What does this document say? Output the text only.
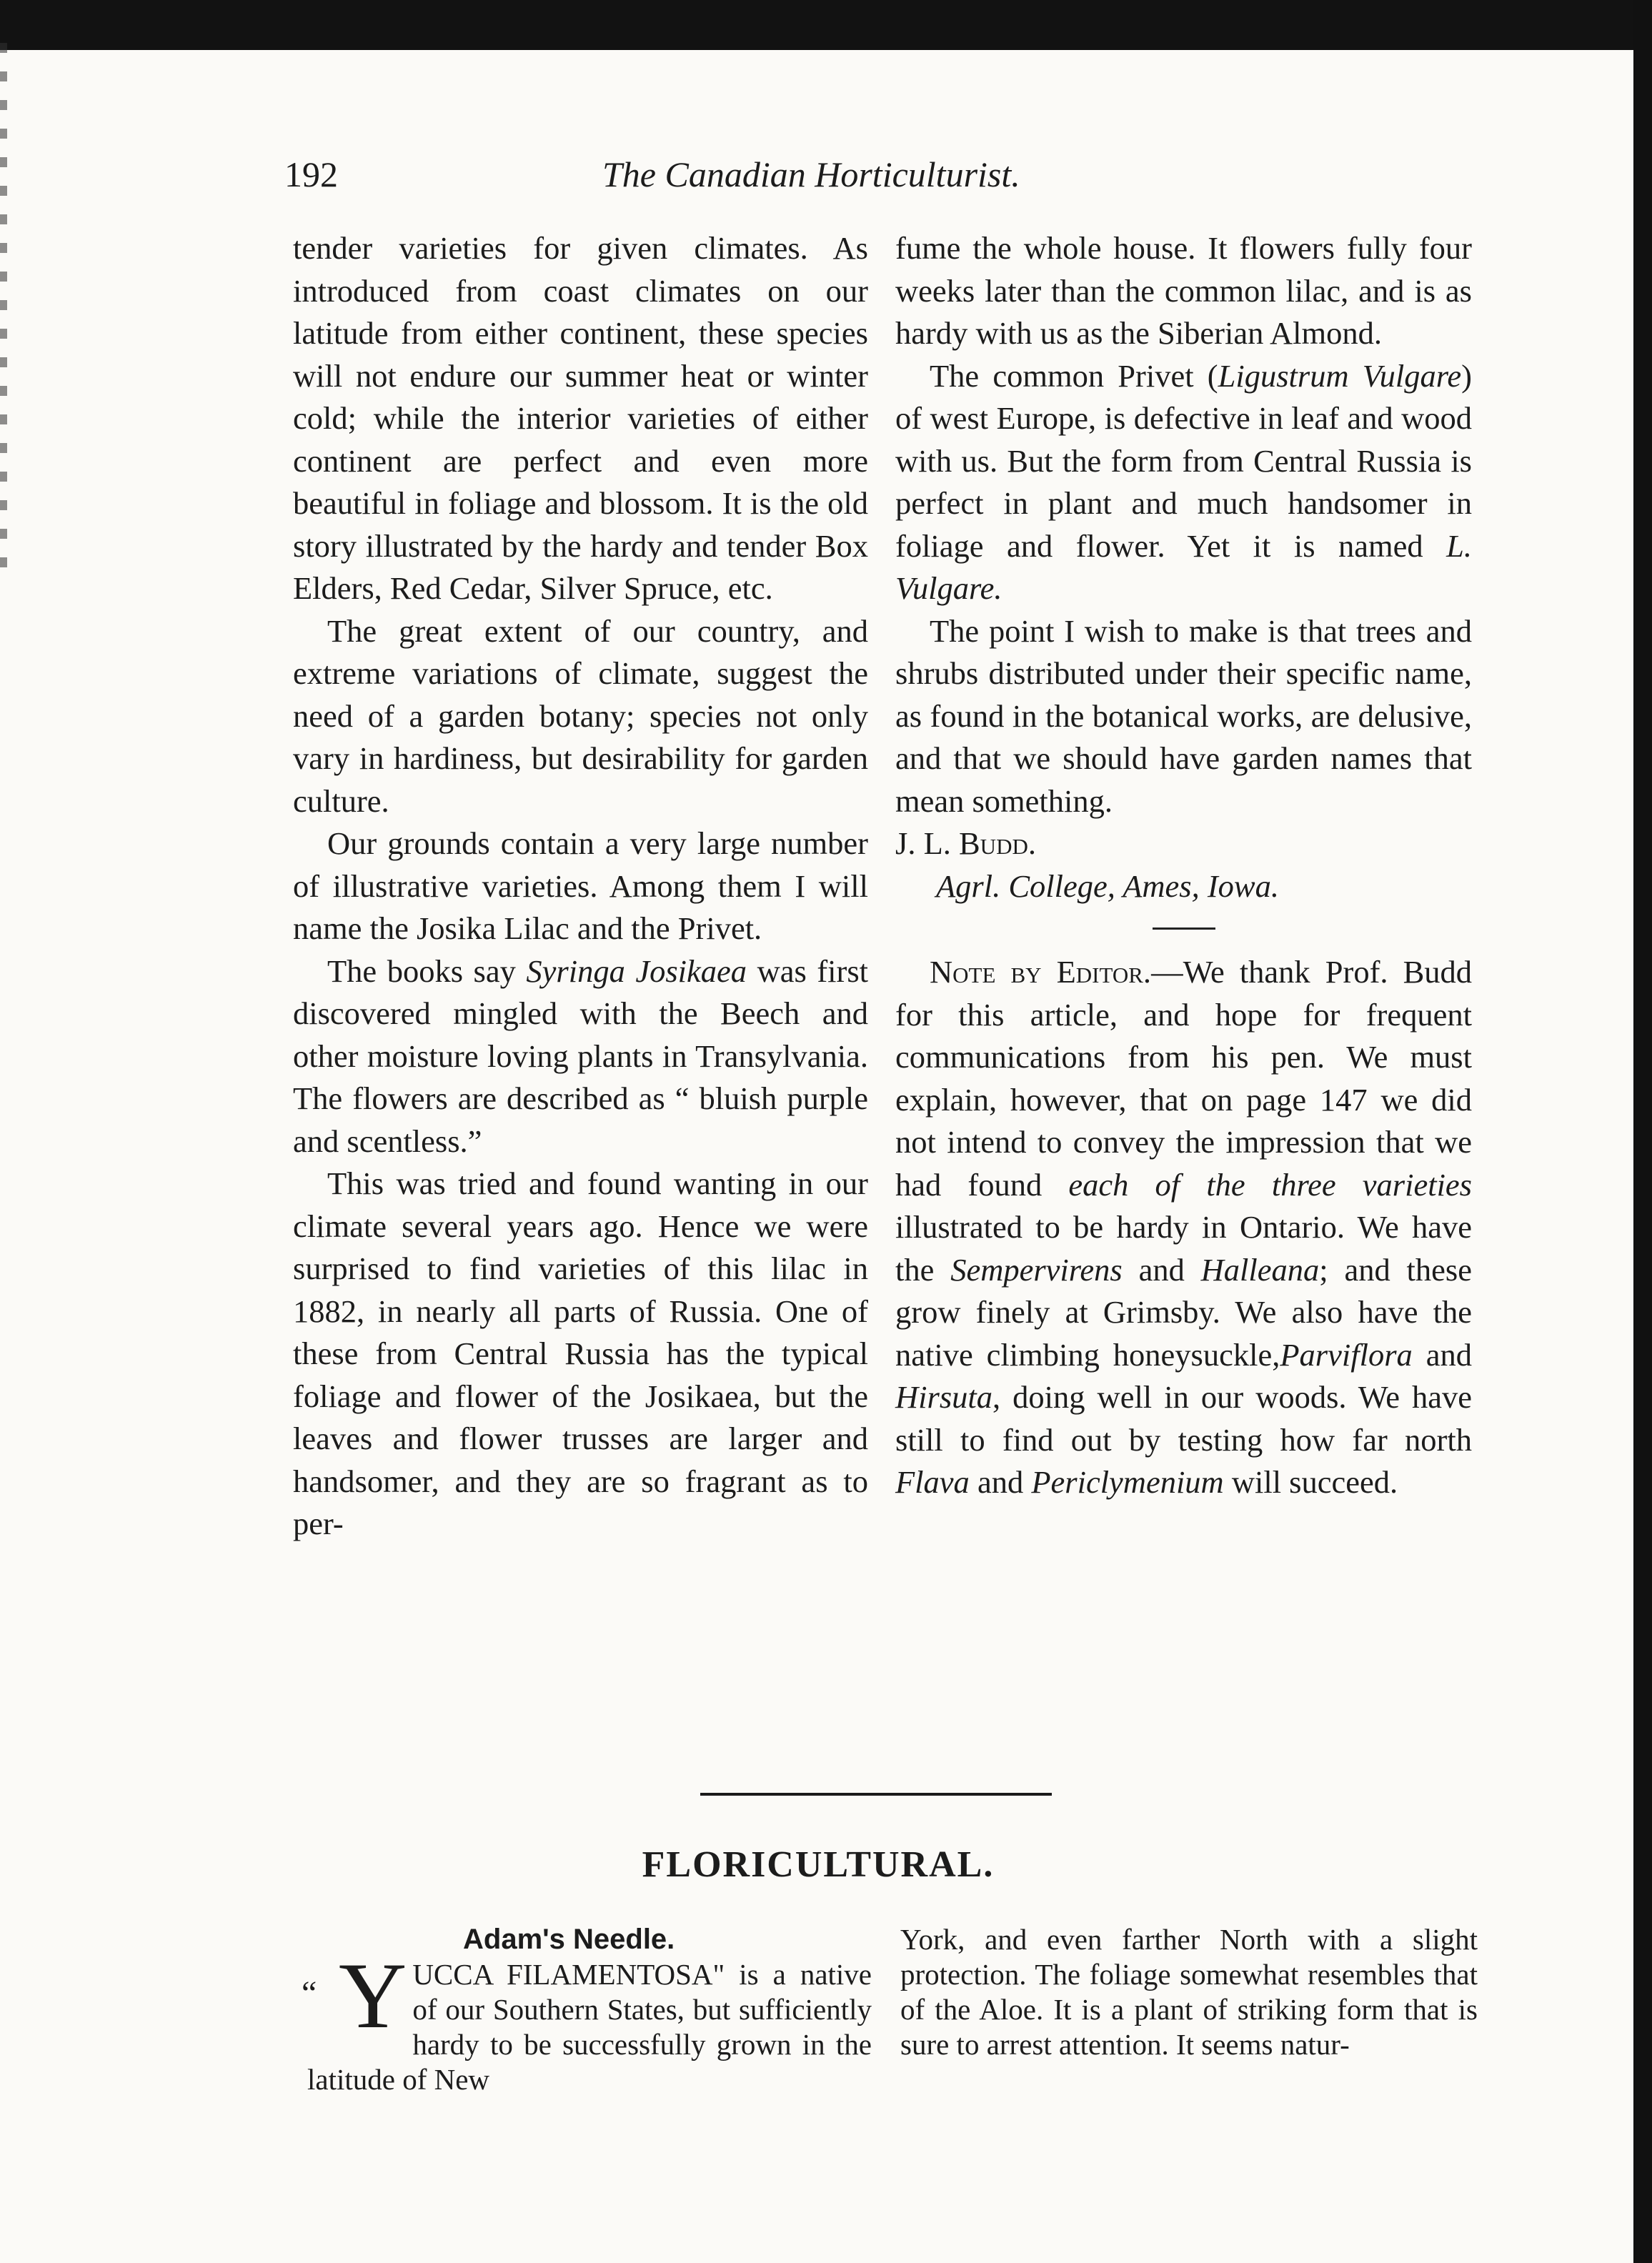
192	The Canadian Horticulturist.

tender varieties for given climates. As introduced from coast climates on our latitude from either continent, these species will not endure our summer heat or winter cold; while the interior varieties of either continent are perfect and even more beautiful in foliage and blossom. It is the old story illustrated by the hardy and tender Box Elders, Red Cedar, Silver Spruce, etc.

The great extent of our country, and extreme variations of climate, suggest the need of a garden botany; species not only vary in hardiness, but desirability for garden culture.

Our grounds contain a very large number of illustrative varieties. Among them I will name the Josika Lilac and the Privet.

The books say Syringa Josikaea was first discovered mingled with the Beech and other moisture loving plants in Transylvania. The flowers are described as “ bluish purple and scentless.”

This was tried and found wanting in our climate several years ago. Hence we were surprised to find varieties of this lilac in 1882, in nearly all parts of Russia. One of these from Central Russia has the typical foliage and flower of the Josikaea, but the leaves and flower trusses are larger and handsomer, and they are so fragrant as to per-

fume the whole house. It flowers fully four weeks later than the common lilac, and is as hardy with us as the Siberian Almond.

The common Privet (Ligustrum Vulgare) of west Europe, is defective in leaf and wood with us. But the form from Central Russia is perfect in plant and much handsomer in foliage and flower. Yet it is named L. Vulgare.

The point I wish to make is that trees and shrubs distributed under their specific name, as found in the botanical works, are delusive, and that we should have garden names that mean something.

J. L. Budd.

Agrl. College, Ames, Iowa.

Note by Editor.—We thank Prof. Budd for this article, and hope for frequent communications from his pen. We must explain, however, that on page 147 we did not intend to convey the impression that we had found each of the three varieties illustrated to be hardy in Ontario. We have the Sempervirens and Halleana; and these grow finely at Grimsby. We also have the native climbing honeysuckle,Parviflora and Hirsuta, doing well in our woods. We have still to find out by testing how far north Flava and Periclymenium will succeed.

FLORICULTURAL.
Adam's Needle.

“ Y UCCA FILAMENTOSA" is a native of our Southern States, but sufficiently hardy to be successfully grown in the latitude of New

York, and even farther North with a slight protection. The foliage somewhat resembles that of the Aloe. It is a plant of striking form that is sure to arrest attention. It seems natur-
